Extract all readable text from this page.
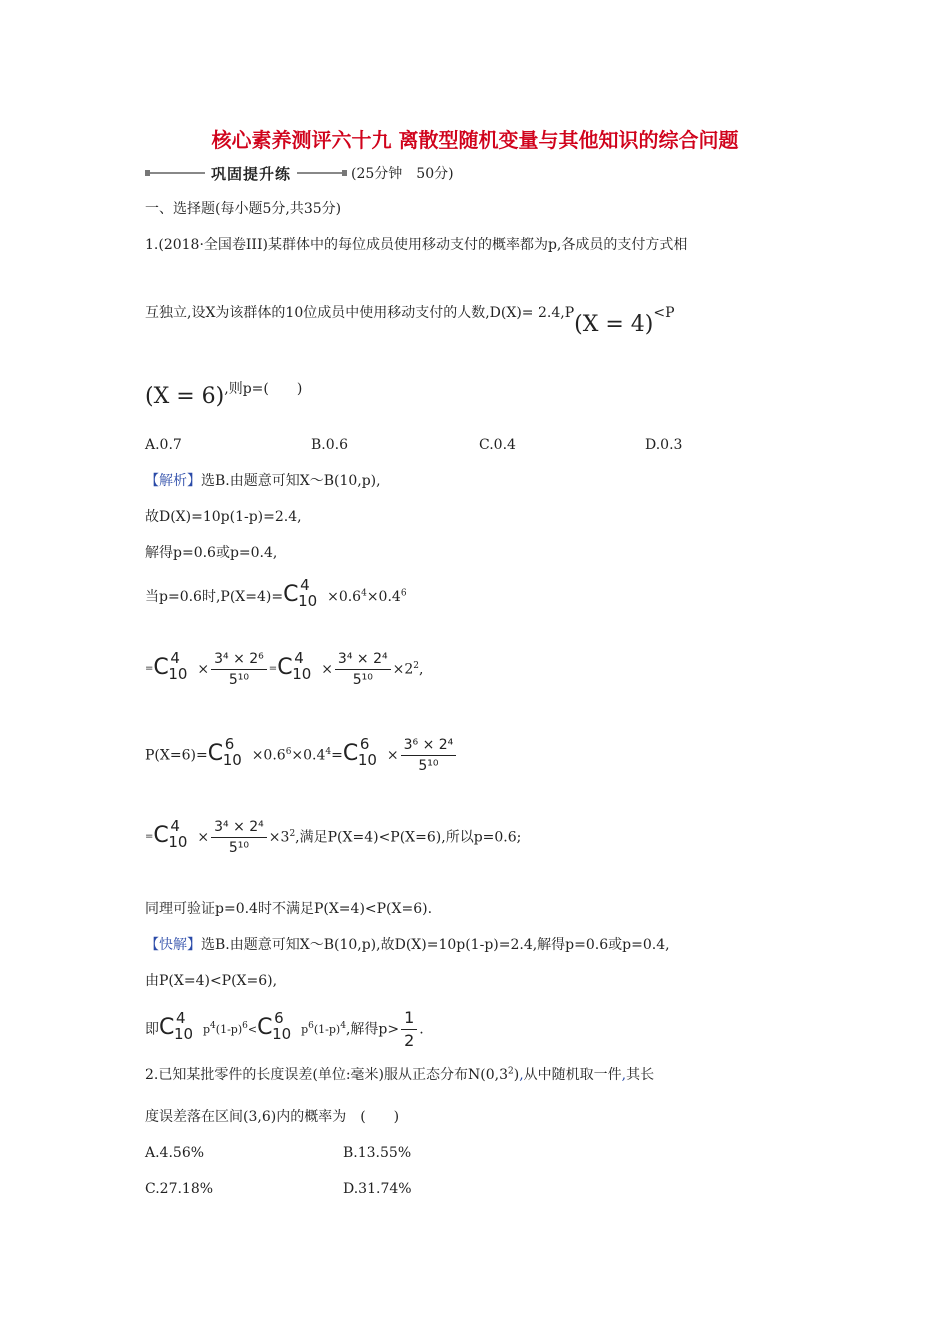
核心素养测评六十九 离散型随机变量与其他知识的综合问题
巩固提升练	(25分钟　50分)
一、选择题(每小题5分,共35分)
1.(2018·全国卷III)某群体中的每位成员使用移动支付的概率都为p,各成员的支付方式相
互独立,设X为该群体的10位成员中使用移动支付的人数,D(X)= 2.4,P(X = 4)<P
(X = 6),则p=(　　)
A.0.7	B.0.6	C.0.4	D.0.3
【解析】选B.由题意可知X～B(10,p),
故D(X)=10p(1-p)=2.4,
解得p=0.6或p=0.4,
当p=0.6时,P(X=4)= C 4
$10 \times 0.6^4\times 0.4^6$
= C 4
$10 \times \frac{\text{3⁴ × 2⁶}}{\text{5¹⁰}} = C$ 4
$10 \times \frac{\text{3⁴ × 2⁴}}{\text{5¹⁰}} \times 2^2$,
P(X=6)= C 6
$10 \times 0.6^6\times 0.4^4= C$ 6
$10 \times \frac{\text{3⁶ × 2⁴}}{\text{5¹⁰}}$
= C 4
$10 \times \frac{\text{3⁴ × 2⁴}}{\text{5¹⁰}} \times 3^2$,满足P(X=4)<P(X=6),所以p=0.6;
同理可验证p=0.4时不满足P(X=4)<P(X=6).
【快解】选B.由题意可知X～B(10,p),故D(X)=10p(1-p)=2.4,解得p=0.6或p=0.4,
由P(X=4)<P(X=6),
即 C 4
10 $p^4(1-p)^6< C$ 6
10 $p^6(1-p)^4$,解得$p> \frac{1}{2}$ .
2.已知某批零件的长度误差(单位:毫米)服从正态分布$N(0,3^2)$,从中随机取一件,其长
度误差落在区间(3,6)内的概率为　(　　)
A.4.56%	B.13.55%
C.27.18%	D.31.74%
